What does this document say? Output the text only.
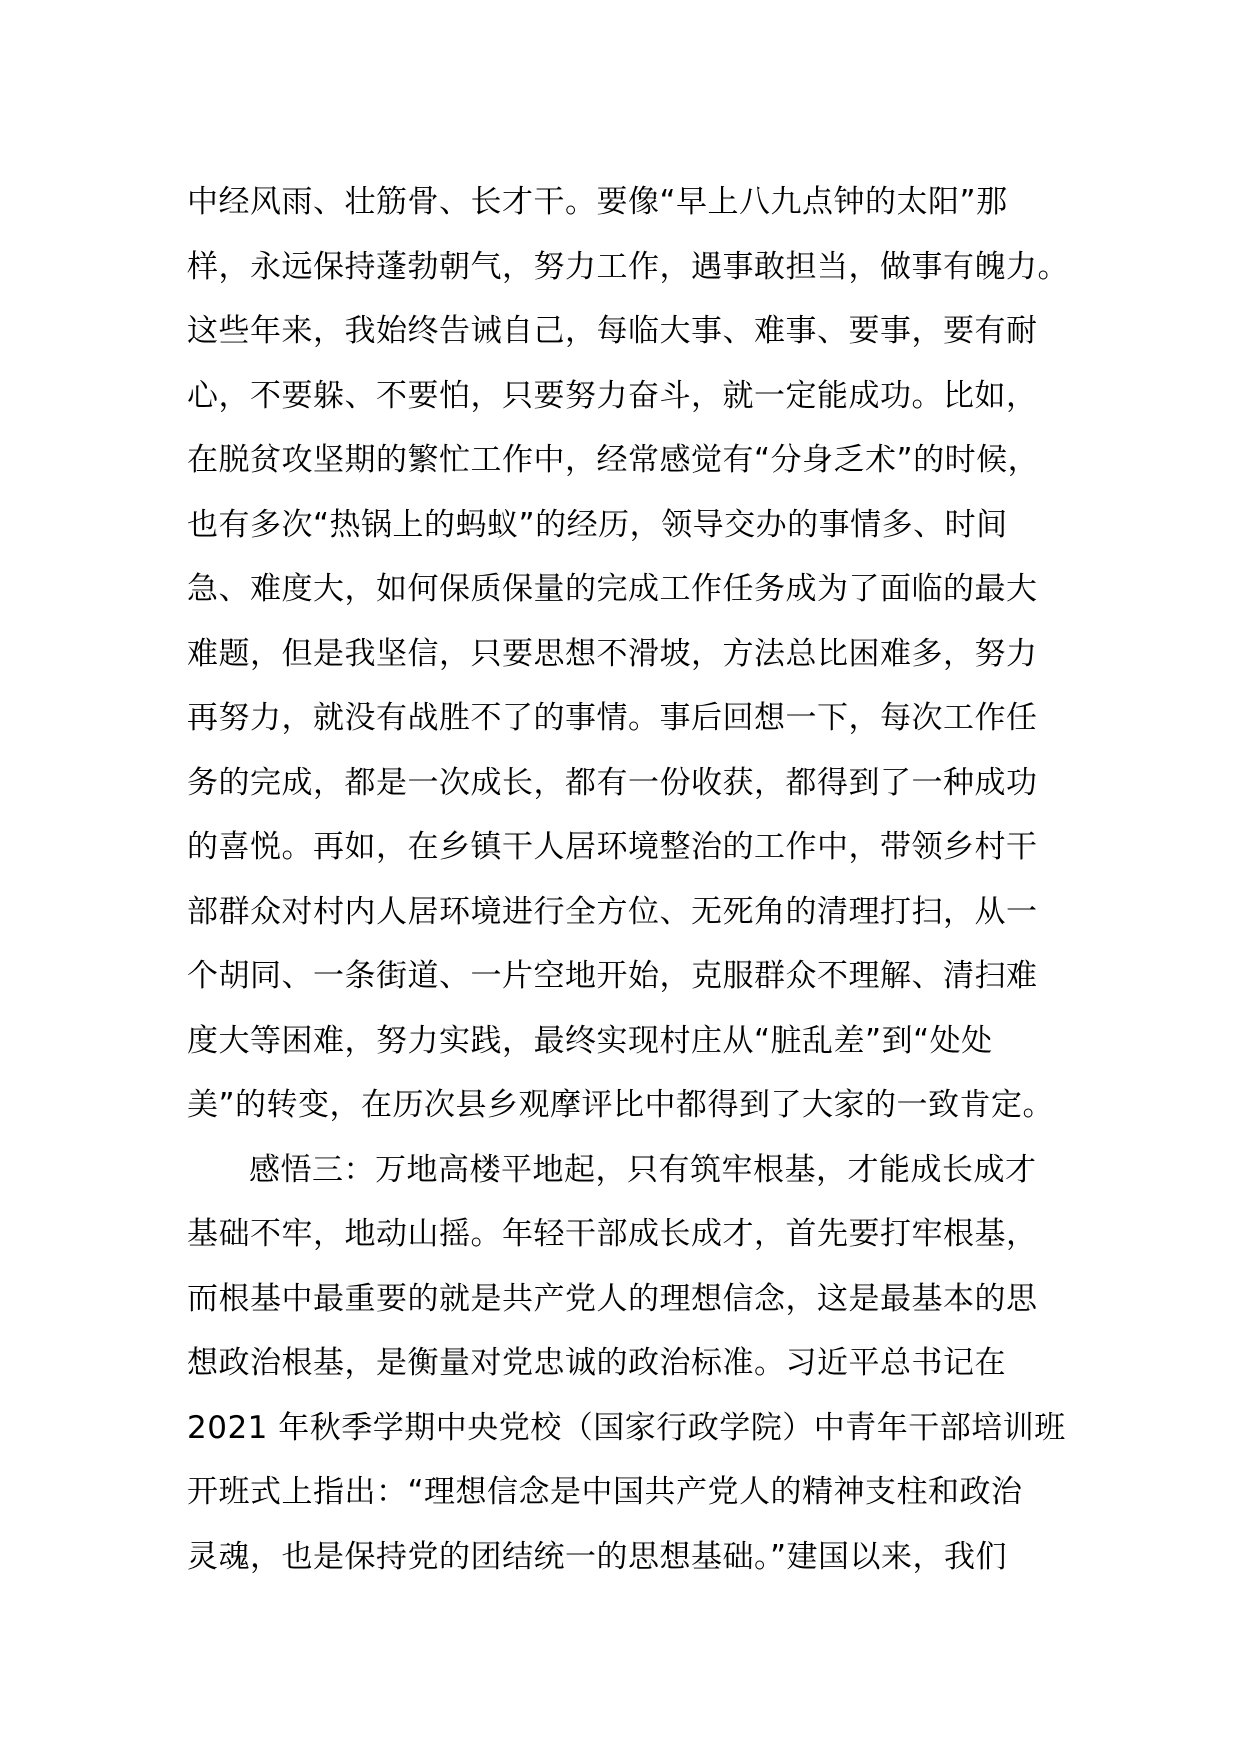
中经风雨、壮筋骨、长才干。要像“早上八九点钟的太阳”那
样，永远保持蓬勃朝气，努力工作，遇事敢担当，做事有魄力。
这些年来，我始终告诫自己，每临大事、难事、要事，要有耐
心，不要躲、不要怕，只要努力奋斗，就一定能成功。比如，
在脱贫攻坚期的繁忙工作中，经常感觉有“分身乏术”的时候，
也有多次“热锅上的蚂蚁”的经历，领导交办的事情多、时间
急、难度大，如何保质保量的完成工作任务成为了面临的最大
难题，但是我坚信，只要思想不滑坡，方法总比困难多，努力
再努力，就没有战胜不了的事情。事后回想一下，每次工作任
务的完成，都是一次成长，都有一份收获，都得到了一种成功
的喜悦。再如，在乡镇干人居环境整治的工作中，带领乡村干
部群众对村内人居环境进行全方位、无死角的清理打扫，从一
个胡同、一条街道、一片空地开始，克服群众不理解、清扫难
度大等困难，努力实践，最终实现村庄从“脏乱差”到“处处
美”的转变，在历次县乡观摩评比中都得到了大家的一致肯定。
感悟三：万地高楼平地起，只有筑牢根基，才能成长成才
基础不牢，地动山摇。年轻干部成长成才，首先要打牢根基，
而根基中最重要的就是共产党人的理想信念，这是最基本的思
想政治根基，是衡量对党忠诚的政治标准。习近平总书记在
2021 年秋季学期中央党校（国家行政学院）中青年干部培训班
开班式上指出：“理想信念是中国共产党人的精神支柱和政治
灵魂，也是保持党的团结统一的思想基础。”建国以来，我们
